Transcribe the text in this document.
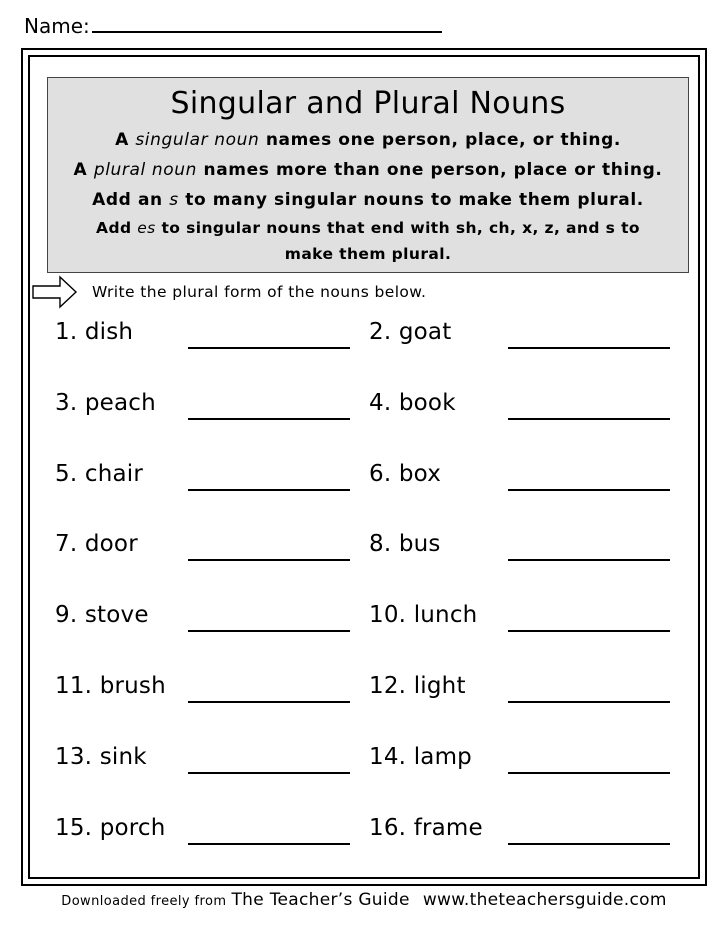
Name:
Singular and Plural Nouns
A singular noun names one person, place, or thing.
A plural noun names more than one person, place or thing.
Add an s to many singular nouns to make them plural.
Add es to singular nouns that end with sh, ch, x, z, and s to
make them plural.
Write the plural form of the nouns below.
1. dish	2. goat
3. peach	4. book
5. chair	6. box
7. door	8. bus
9. stove	10. lunch
11. brush	12. light
13. sink	14. lamp
15. porch	16. frame
Downloaded freely from The Teacher’s Guide www.theteachersguide.com
